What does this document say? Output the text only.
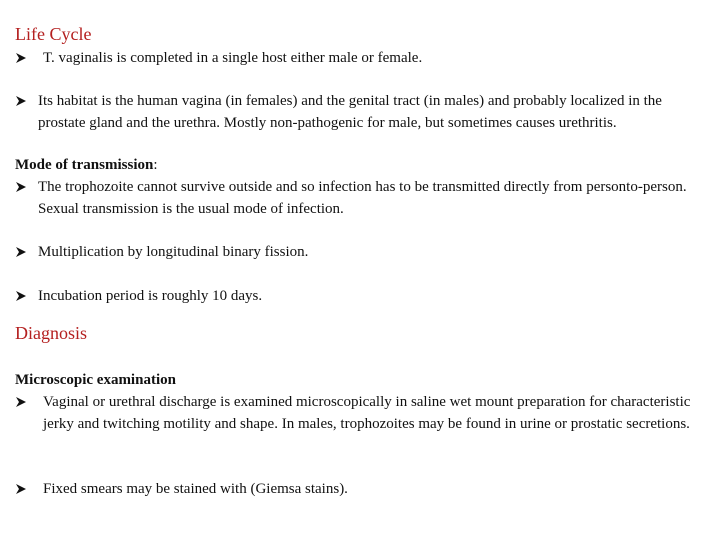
Life Cycle
T. vaginalis is completed in a single host either male or female.
Its habitat is the human vagina (in females) and the genital tract (in males) and probably localized in the prostate gland and the urethra. Mostly non-pathogenic for male, but sometimes causes urethritis.
Mode of transmission:
The trophozoite cannot survive outside and so infection has to be transmitted directly from personto-person. Sexual transmission is the usual mode of infection.
Multiplication by longitudinal binary fission.
Incubation period is roughly 10 days.
Diagnosis
Microscopic examination
Vaginal or urethral discharge is examined microscopically in saline wet mount preparation for characteristic jerky and twitching motility and shape. In males, trophozoites may be found in urine or prostatic secretions.
Fixed smears may be stained with (Giemsa stains).
